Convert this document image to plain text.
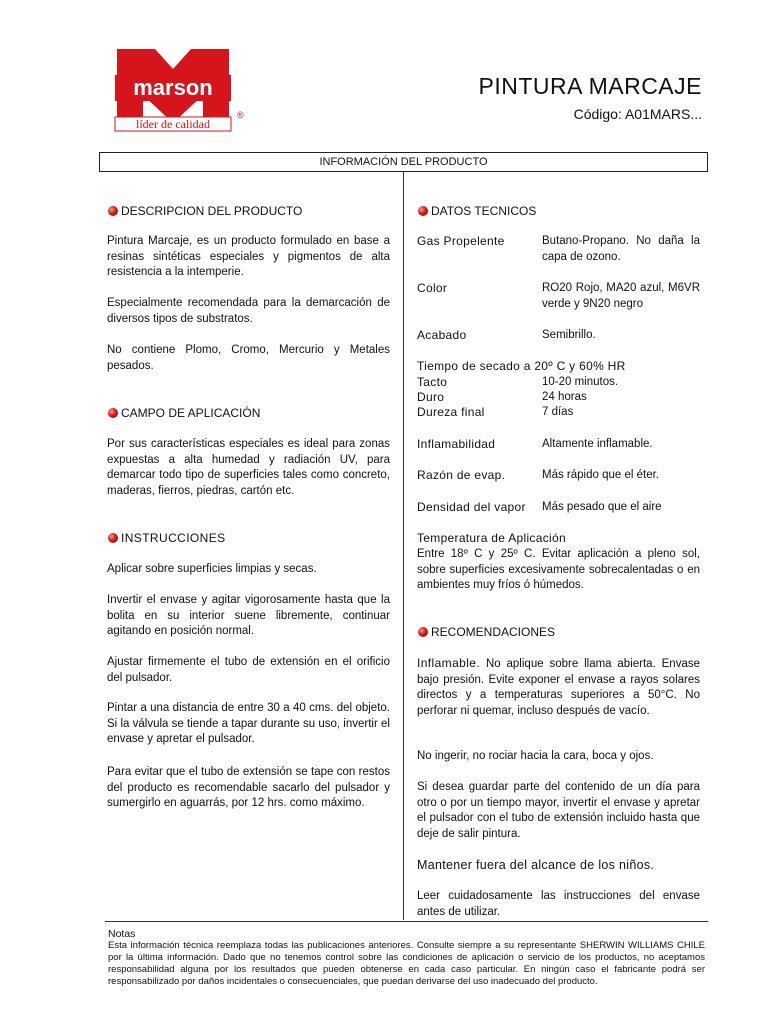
marson
líder de calidad
®
PINTURA MARCAJE
Código: A01MARS...
INFORMACIÓN DEL PRODUCTO
DESCRIPCION DEL PRODUCTO
Pintura Marcaje, es un producto formulado en base a resinas sintéticas especiales y pigmentos de alta resistencia a la intemperie.
Especialmente recomendada para la demarcación de diversos tipos de substratos.
No contiene Plomo, Cromo, Mercurio y Metales pesados.
CAMPO DE APLICACIÓN
Por sus características especiales es ideal para zonas expuestas a alta humedad y radiación UV, para demarcar todo tipo de superficies tales como concreto, maderas, fierros, piedras, cartón etc.
INSTRUCCIONES
Aplicar sobre superficies limpias y secas.
Invertir el envase y agitar vigorosamente hasta que la bolita en su interior suene libremente, continuar agitando en posición normal.
Ajustar firmemente el tubo de extensión en el orificio del pulsador.
Pintar a una distancia de entre 30 a 40 cms. del objeto. Si la válvula se tiende a tapar durante su uso, invertir el envase y apretar el pulsador.
Para evitar que el tubo de extensión se tape con restos del producto es recomendable sacarlo del pulsador y sumergirlo en aguarrás, por 12 hrs. como máximo.
DATOS TECNICOS
Gas Propelente	Butano-Propano. No daña la capa de ozono.
Color	RO20 Rojo, MA20 azul, M6VR verde y 9N20 negro
Acabado	Semibrillo.
Tiempo de secado a 20º C y 60% HR
Tacto	10-20 minutos.
Duro	24 horas
Dureza final	7 días
Inflamabilidad	Altamente inflamable.
Razón de evap.	Más rápido que el éter.
Densidad del vapor Más pesado que el aire
Temperatura de Aplicación
Entre 18º C y 25º C. Evitar aplicación a pleno sol, sobre superficies excesivamente sobrecalentadas o en ambientes muy fríos ó húmedos.
RECOMENDACIONES
Inflamable. No aplique sobre llama abierta. Envase bajo presión. Evite exponer el envase a rayos solares directos y a temperaturas superiores a 50°C. No perforar ni quemar, incluso después de vacío.
No ingerir, no rociar hacia la cara, boca y ojos.
Si desea guardar parte del contenido de un día para otro o por un tiempo mayor, invertir el envase y apretar el pulsador con el tubo de extensión incluido hasta que deje de salir pintura.
Mantener fuera del alcance de los niños.
Leer cuidadosamente las instrucciones del envase antes de utilizar.
Notas
Esta información técnica reemplaza todas las publicaciones anteriores. Consulte siempre a su representante SHERWIN WILLIAMS CHILE por la última información. Dado que no tenemos control sobre las condiciones de aplicación o servicio de los productos, no aceptamos responsabilidad alguna por los resultados que pueden obtenerse en cada caso particular. En ningún caso el fabricante podrá ser responsabilizado por daños incidentales o consecuenciales, que puedan derivarse del uso inadecuado del producto.
